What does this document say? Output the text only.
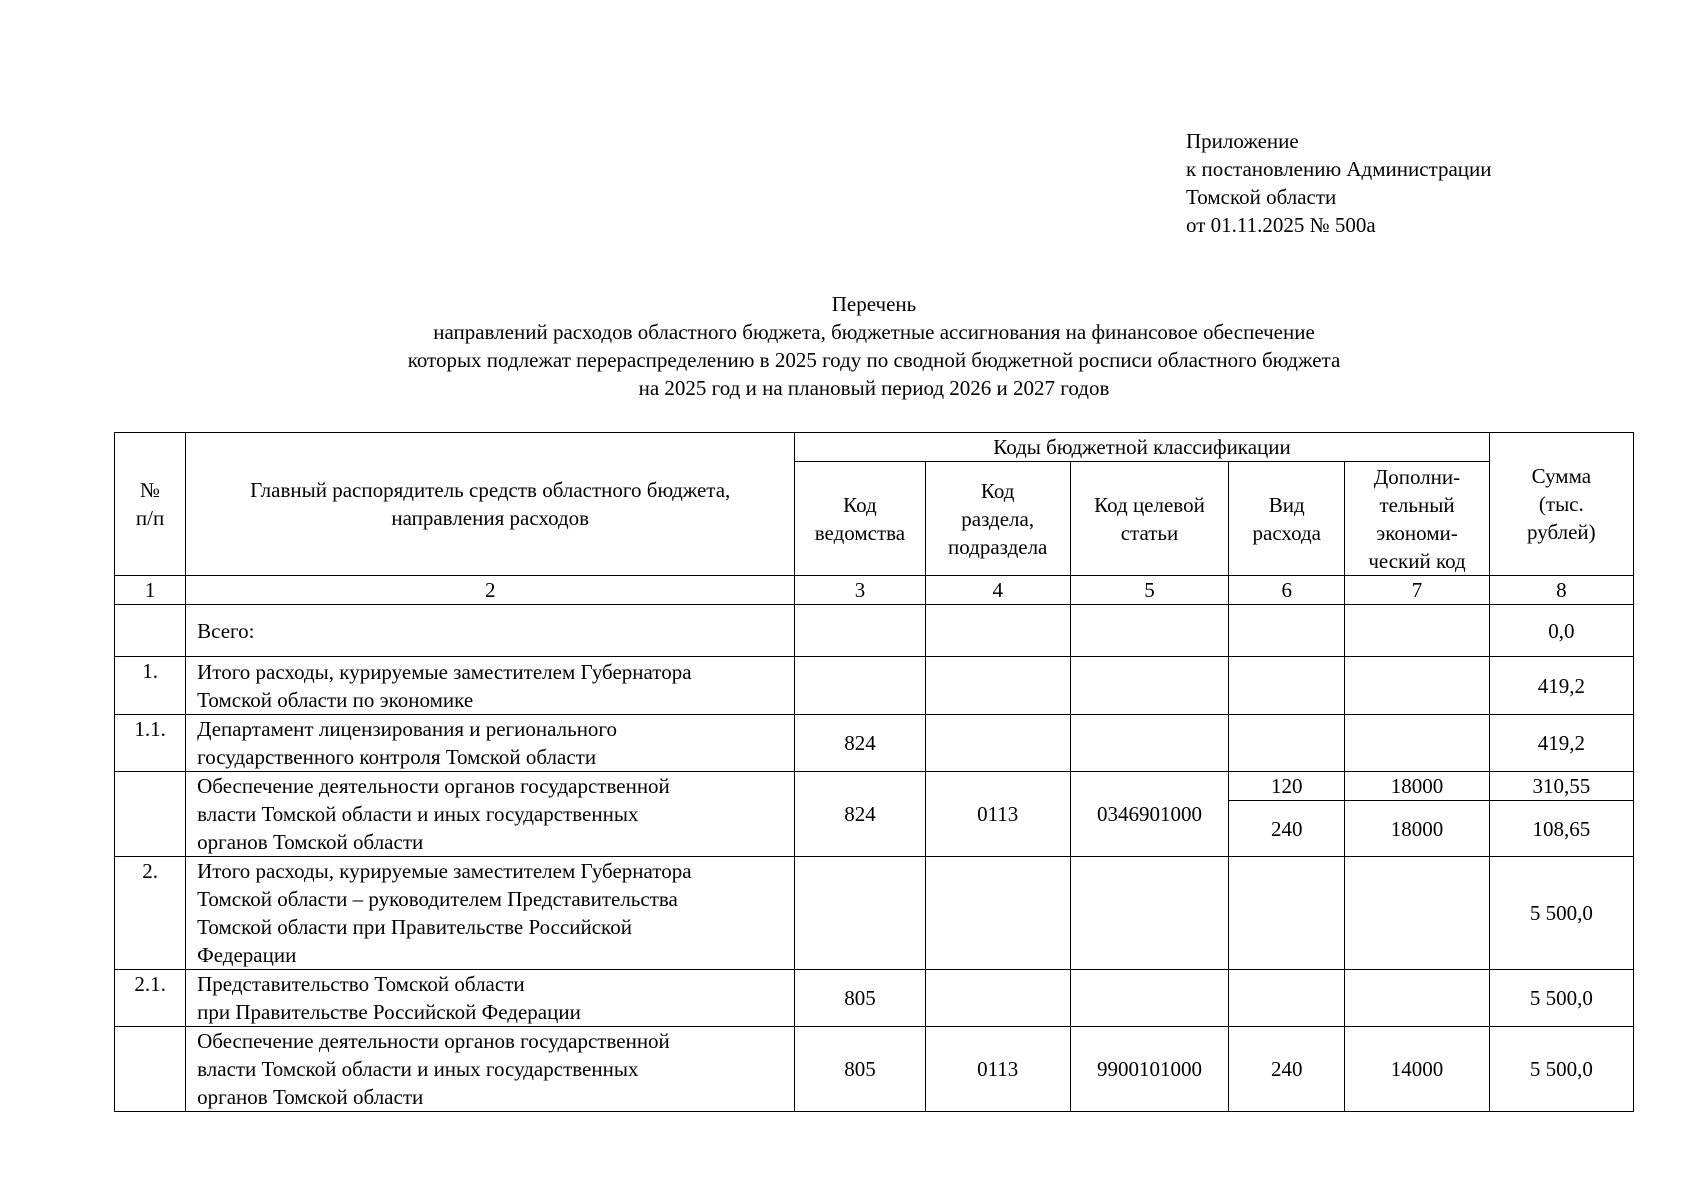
Приложение
к постановлению Администрации
Томской области
от 01.11.2025 № 500а
Перечень
направлений расходов областного бюджета, бюджетные ассигнования на финансовое обеспечение
которых подлежат перераспределению в 2025 году по сводной бюджетной росписи областного бюджета
на 2025 год и на плановый период 2026 и 2027 годов
№
п/п	Главный распорядитель средств областного бюджета,
направления расходов	Коды бюджетной классификации					Сумма
(тыс.
рублей)

		Код
ведомства	Код
раздела,
подраздела	Код целевой
статьи	Вид
расхода	Дополни-
тельный
экономи-
ческий код	

1	2	3	4	5	6	7	8

	Всего:						0,0
1.	Итого расходы, курируемые заместителем Губернатора
Томской области по экономике						419,2
1.1.	Департамент лицензирования и регионального
государственного контроля Томской области	824					419,2

	Обеспечение деятельности органов государственной
власти Томской области и иных государственных
органов Томской области	824	0113	0346901000	120	18000	310,55
					240	18000	108,65
2.	Итого расходы, курируемые заместителем Губернатора
Томской области – руководителем Представительства
Томской области при Правительстве Российской
Федерации						5 500,0
2.1.	Представительство Томской области
при Правительстве Российской Федерации	805					5 500,0

	Обеспечение деятельности органов государственной
власти Томской области и иных государственных
органов Томской области	805	0113	9900101000	240	14000	5 500,0
